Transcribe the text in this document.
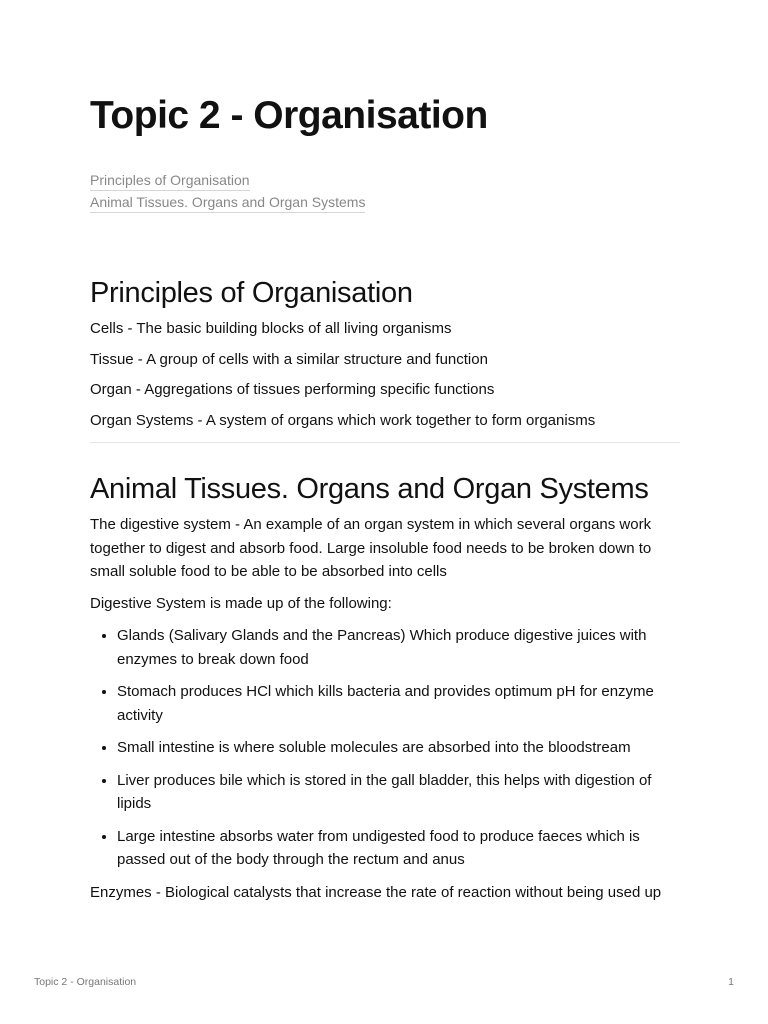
Topic 2 - Organisation
Principles of Organisation
Animal Tissues. Organs and Organ Systems
Principles of Organisation

Cells - The basic building blocks of all living organisms

Tissue - A group of cells with a similar structure and function

Organ - Aggregations of tissues performing specific functions

Organ Systems - A system of organs which work together to form organisms

Animal Tissues. Organs and Organ Systems

The digestive system - An example of an organ system in which several organs work together to digest and absorb food. Large insoluble food needs to be broken down to small soluble food to be able to be absorbed into cells

Digestive System is made up of the following:

• Glands (Salivary Glands and the Pancreas) Which produce digestive juices with enzymes to break down food
• Stomach produces HCl which kills bacteria and provides optimum pH for enzyme activity
• Small intestine is where soluble molecules are absorbed into the bloodstream
• Liver produces bile which is stored in the gall bladder, this helps with digestion of lipids
• Large intestine absorbs water from undigested food to produce faeces which is passed out of the body through the rectum and anus

Enzymes - Biological catalysts that increase the rate of reaction without being used up

Topic 2 - Organisation	1
